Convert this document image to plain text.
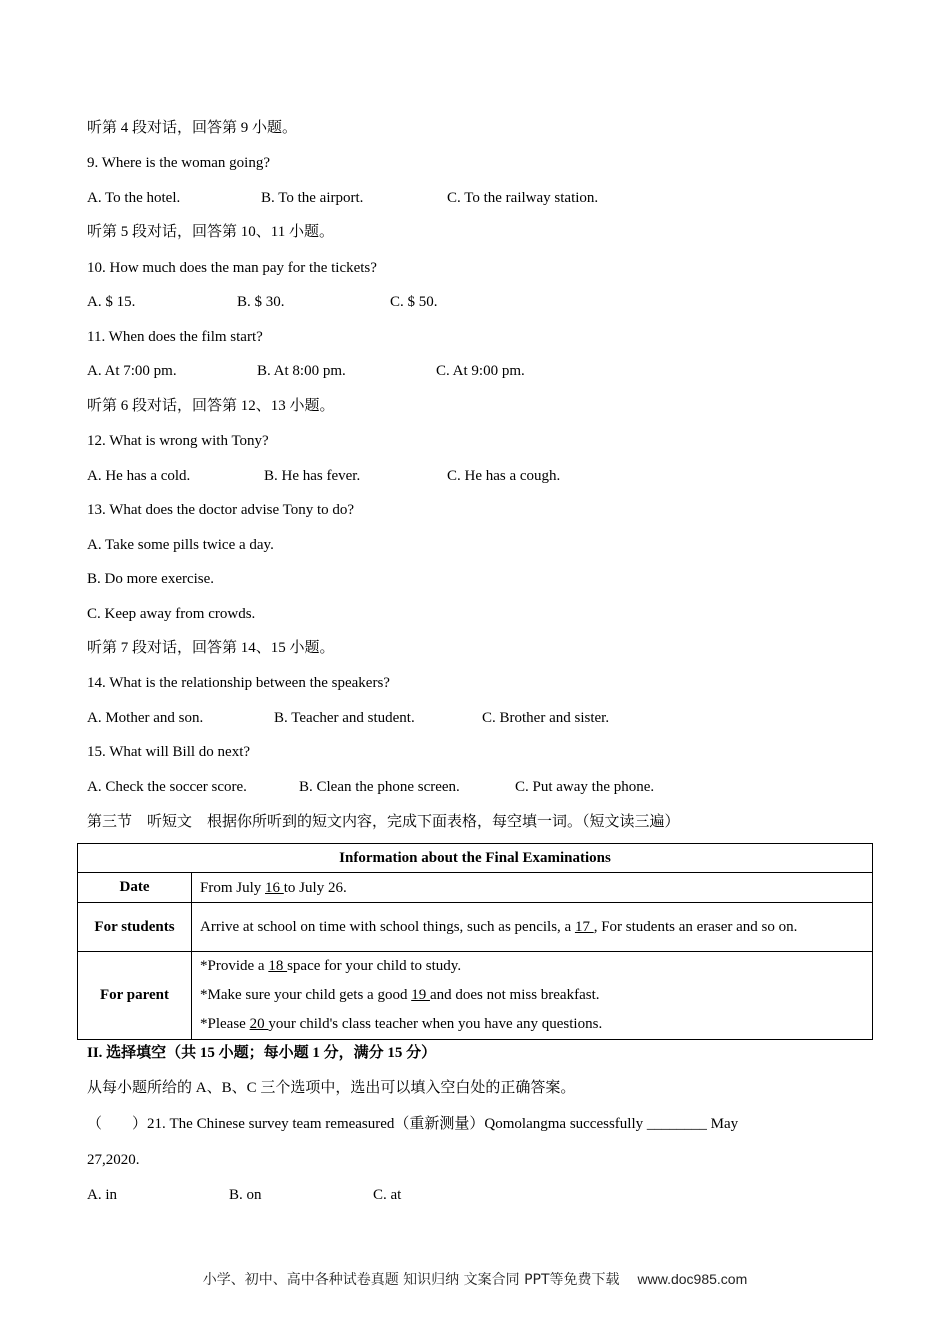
听第 4 段对话，回答第 9 小题。
9. Where is the woman going?
A. To the hotel.	B. To the airport.	C. To the railway station.
听第 5 段对话，回答第 10、11 小题。
10. How much does the man pay for the tickets?
A. $ 15.	B. $ 30.	C. $ 50.
11. When does the film start?
A. At 7:00 pm.	B. At 8:00 pm.	C. At 9:00 pm.
听第 6 段对话，回答第 12、13 小题。
12. What is wrong with Tony?
A. He has a cold.	B. He has fever.	C. He has a cough.
13. What does the doctor advise Tony to do?
A. Take some pills twice a day.
B. Do more exercise.
C. Keep away from crowds.
听第 7 段对话，回答第 14、15 小题。
14. What is the relationship between the speakers?
A. Mother and son.	B. Teacher and student.	C. Brother and sister.
15. What will Bill do next?
A. Check the soccer score.	B. Clean the phone screen.	C. Put away the phone.
第三节　听短文　根据你所听到的短文内容，完成下面表格，每空填一词。（短文读三遍）
Information about the Final Examinations	
Date	From July 16 to July 26.
For students	Arrive at school on time with school things, such as pencils, a 17 , For students an eraser and so on.
For parent	*Provide a 18 space for your child to study.
*Make sure your child gets a good 19 and does not miss breakfast.
*Please 20 your child's class teacher when you have any questions.
II. 选择填空（共 15 小题；每小题 1 分，满分 15 分）
从每小题所给的 A、B、C 三个选项中，选出可以填入空白处的正确答案。
（　　）21. The Chinese survey team remeasured（重新测量）Qomolangma successfully ________ May
27,2020.
A. in	B. on	C. at
小学、初中、高中各种试卷真题 知识归纳 文案合同 PPT等免费下载 www.doc985.com
